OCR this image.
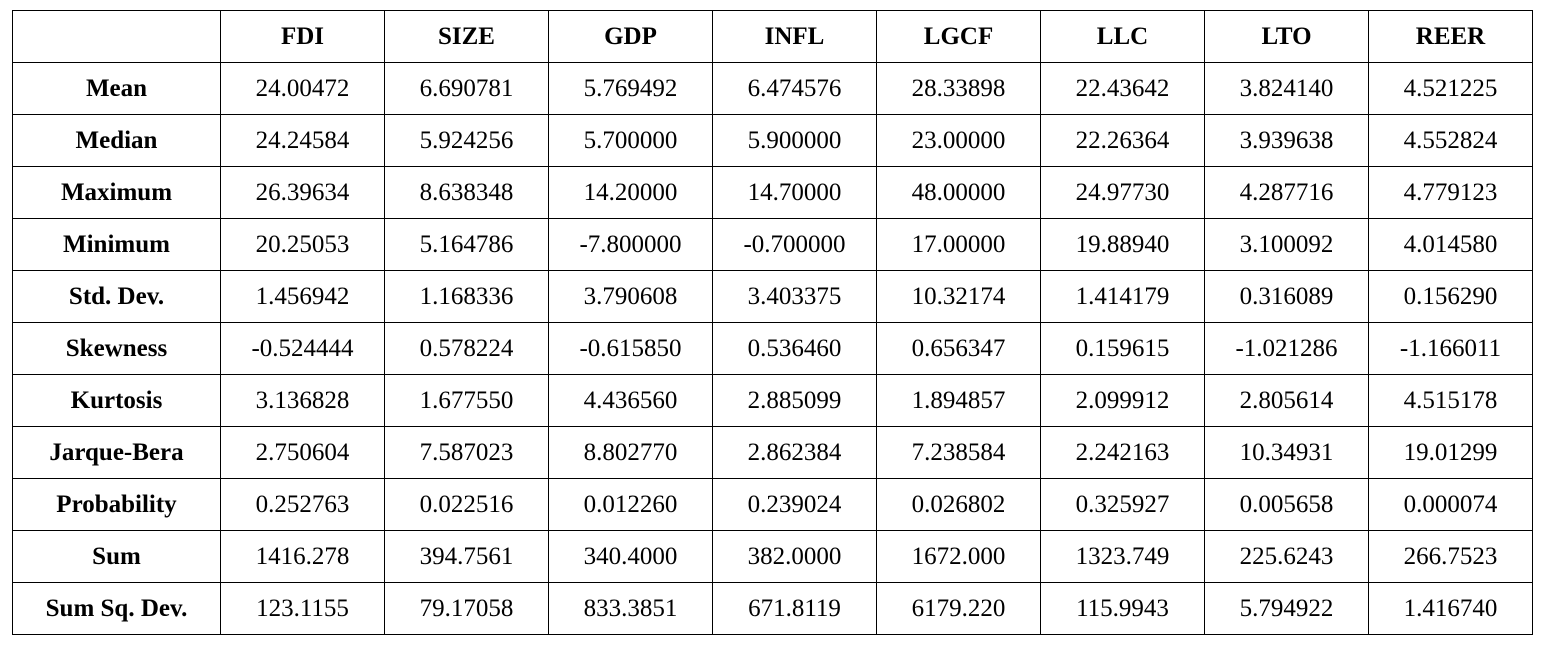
	FDI	SIZE	GDP	INFL	LGCF	LLC	LTO	REER
Mean	24.00472	6.690781	5.769492	6.474576	28.33898	22.43642	3.824140	4.521225
Median	24.24584	5.924256	5.700000	5.900000	23.00000	22.26364	3.939638	4.552824
Maximum	26.39634	8.638348	14.20000	14.70000	48.00000	24.97730	4.287716	4.779123
Minimum	20.25053	5.164786	-7.800000	-0.700000	17.00000	19.88940	3.100092	4.014580
Std. Dev.	1.456942	1.168336	3.790608	3.403375	10.32174	1.414179	0.316089	0.156290
Skewness	-0.524444	0.578224	-0.615850	0.536460	0.656347	0.159615	-1.021286	-1.166011
Kurtosis	3.136828	1.677550	4.436560	2.885099	1.894857	2.099912	2.805614	4.515178
Jarque-Bera	2.750604	7.587023	8.802770	2.862384	7.238584	2.242163	10.34931	19.01299
Probability	0.252763	0.022516	0.012260	0.239024	0.026802	0.325927	0.005658	0.000074
Sum	1416.278	394.7561	340.4000	382.0000	1672.000	1323.749	225.6243	266.7523
Sum Sq. Dev.	123.1155	79.17058	833.3851	671.8119	6179.220	115.9943	5.794922	1.416740
